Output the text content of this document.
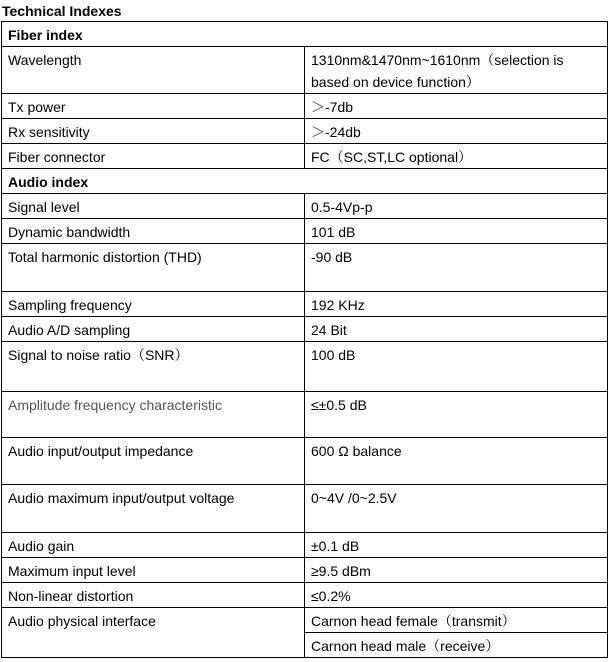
Technical Indexes
Fiber index	
Wavelength	1310nm&1470nm~1610nm（selection is based on device function）
Tx power	＞-7db
Rx sensitivity	＞-24db
Fiber connector	FC（SC,ST,LC optional）
Audio index	
Signal level	0.5-4Vp-p
Dynamic bandwidth	101 dB
Total harmonic distortion (THD)	-90 dB
Sampling frequency	192 KHz
Audio A/D sampling	24 Bit
Signal to noise ratio（SNR）	100 dB
Amplitude frequency characteristic	≤±0.5 dB
Audio input/output impedance	600 Ω balance
Audio maximum input/output voltage	0~4V /0~2.5V
Audio gain	±0.1 dB
Maximum input level	≥9.5 dBm
Non-linear distortion	≤0.2%
Audio physical interface	Carnon head female（transmit）
	Carnon head male（receive）
